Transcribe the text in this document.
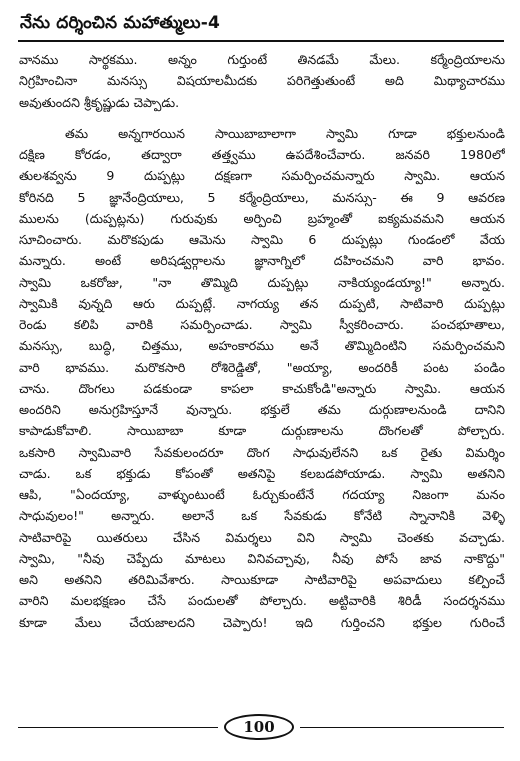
నేను దర్శించిన మహాత్ములు-4
వానము సార్థకము. అన్నం గుర్తుంటే తినడమే మేలు. కర్మేంద్రియాలను
నిగ్రహించినా మనస్సు విషయాలమీదకు పరిగెత్తుతుంటే అది మిథ్యాచారము
అవుతుందని శ్రీకృష్ణుడు చెప్పాడు.
తమ అన్నగారయిన సాయిబాబాలాగా స్వామి గూడా భక్తులనుండి
దక్షిణ కోరడం, తద్వారా తత్త్వము ఉపదేశించేవారు. జనవరి 1980లో
తులశవ్వను 9 దుప్పట్లు దక్షణగా సమర్పించమన్నారు స్వామి. ఆయన
కోరినది 5 జ్ఞానేంద్రియాలు, 5 కర్మేంద్రియాలు, మనస్సు- ఈ 9 ఆవరణ
ములను (దుప్పట్లను) గురువుకు అర్పించి బ్రహ్మంతో ఐక్యమవమని ఆయన
సూచించారు. మరొకపుడు ఆమెను స్వామి 6 దుప్పట్లు గుండంలో వేయ
మన్నారు. అంటే అరిషడ్వర్గాలను జ్ఞానాగ్నిలో దహించమని వారి భావం.
స్వామి ఒకరోజు, "నా తొమ్మిది దుప్పట్లు నాకియ్యండయ్యా!" అన్నారు.
స్వామికి వున్నది ఆరు దుప్పట్లే. నాగయ్య తన దుప్పటి, సాటివారి దుప్పట్లు
రెండు కలిపి వారికి సమర్పించాడు. స్వామి స్వీకరించారు. పంచభూతాలు,
మనస్సు, బుద్ధి, చిత్తము, అహంకారము అనే తొమ్మిదింటిని సమర్పించమని
వారి భావము. మరొకసారి రోశిరెడ్డితో, "అయ్యా, అందరికీ పంట పండిం
చాను. దొంగలు పడకుండా కాపలా కాచుకోండి"అన్నారు స్వామి. ఆయన
అందరిని అనుగ్రహిస్తూనే వున్నారు. భక్తులే తమ దుర్గుణాలనుండి దానిని
కాపాడుకోవాలి. సాయిబాబా కూడా దుర్గుణాలను దొంగలతో పోల్చారు.
ఒకసారి స్వామివారి సేవకులందరూ దొంగ సాధువులేనని ఒక రైతు విమర్శిం
చాడు. ఒక భక్తుడు కోపంతో అతనిపై కలబడపోయాడు. స్వామి అతనిని
ఆపి, "ఏందయ్యా, వాళ్ళుంటుంటే ఓర్చుకుంటేనే గదయ్యా నిజంగా మనం
సాధువులం!" అన్నారు. అలానే ఒక సేవకుడు కోనేటి స్నానానికి వెళ్ళి
సాటివారిపై యితరులు చేసిన విమర్శలు విని స్వామి చెంతకు వచ్చాడు.
స్వామి, "నీవు చెప్పేదు మాటలు వినివచ్చావు, నీవు పోసే జావ నాకొద్దు"
అని అతనిని తరిమివేశారు. సాయికూడా సాటివారిపై అపవాదులు కల్పించే
వారిని మలభక్షణం చేసే పందులతో పోల్చారు. అట్టివారికి శిరిడీ సందర్శనము
కూడా మేలు చేయజాలదని చెప్పారు! ఇది గుర్తించని భక్తుల గురించే
100
